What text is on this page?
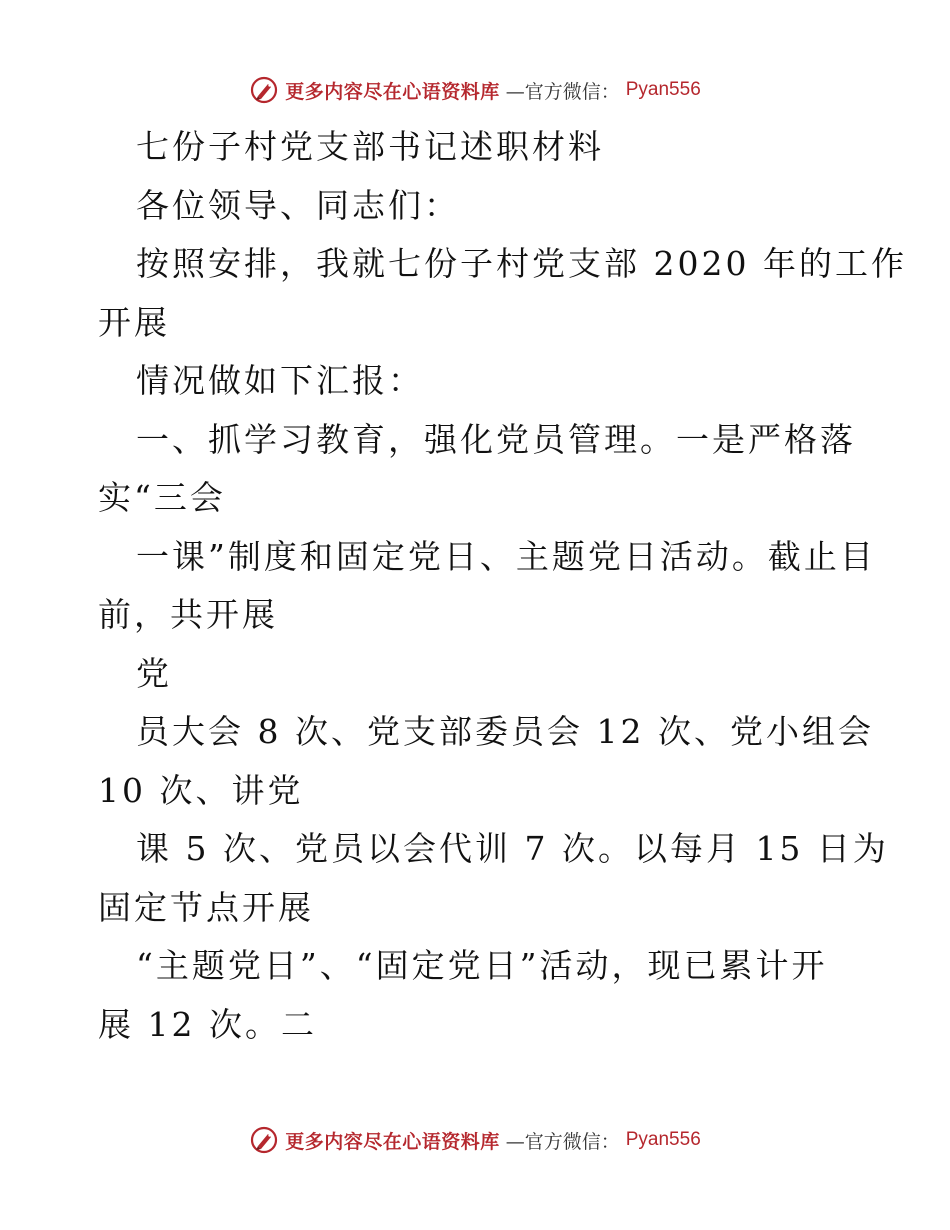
更多内容尽在心语资料库 —官方微信： Pyan556
七份子村党支部书记述职材料
各位领导、同志们：
按照安排，我就七份子村党支部 2020 年的工作
开展
情况做如下汇报：
一、抓学习教育，强化党员管理。一是严格落
实“三会
一课”制度和固定党日、主题党日活动。截止目
前，共开展
党
员大会 8 次、党支部委员会 12 次、党小组会
10 次、讲党
课 5 次、党员以会代训 7 次。以每月 15 日为
固定节点开展
“主题党日”、“固定党日”活动，现已累计开
展 12 次。二
更多内容尽在心语资料库 —官方微信： Pyan556
